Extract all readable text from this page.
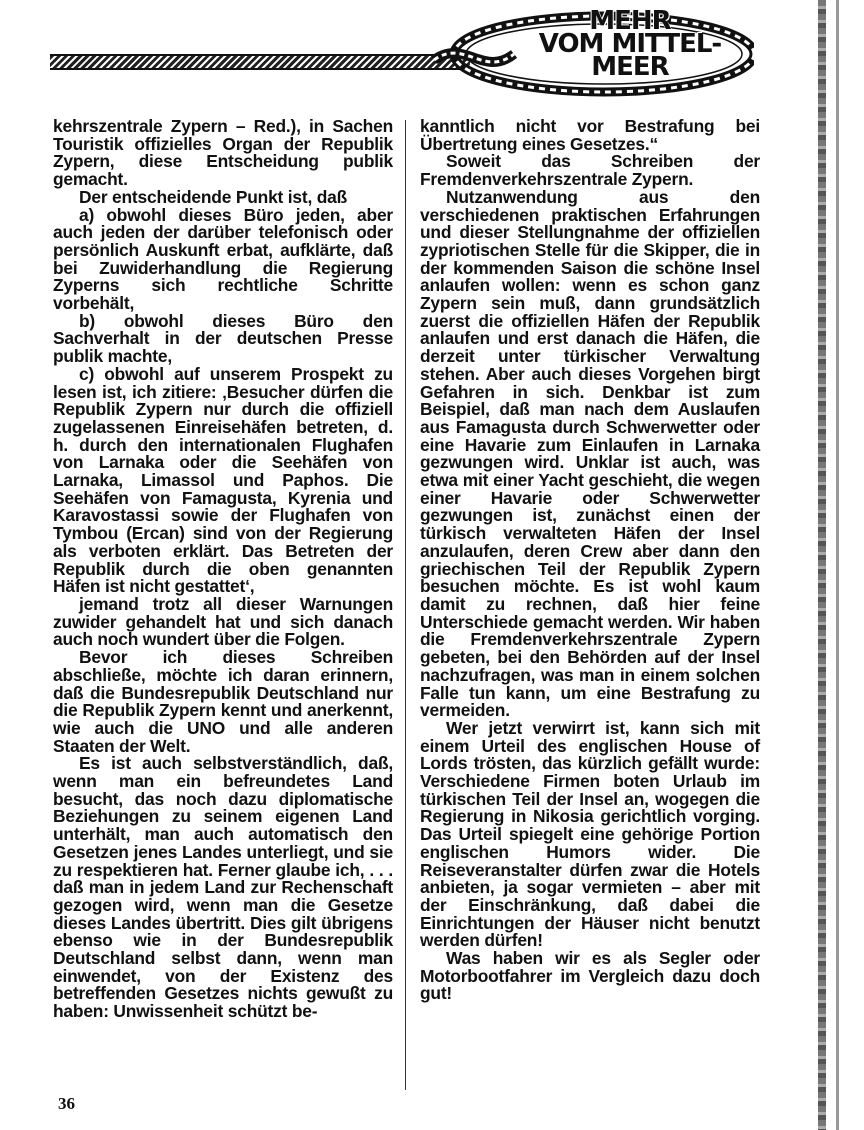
MEHR
VOM MITTEL-
MEER

kehrszentrale Zypern – Red.), in Sachen Touristik offizielles Organ der Republik Zypern, diese Entscheidung publik gemacht.

Der entscheidende Punkt ist, daß

a) obwohl dieses Büro jeden, aber auch jeden der darüber telefonisch oder persönlich Auskunft erbat, aufklärte, daß bei Zuwiderhandlung die Regierung Zyperns sich rechtliche Schritte vorbehält,

b) obwohl dieses Büro den Sachverhalt in der deutschen Presse publik machte,

c) obwohl auf unserem Prospekt zu lesen ist, ich zitiere: ‚Besucher dürfen die Republik Zypern nur durch die offiziell zugelassenen Einreisehäfen betreten, d. h. durch den internationalen Flughafen von Larnaka oder die Seehäfen von Larnaka, Limassol und Paphos. Die Seehäfen von Famagusta, Kyrenia und Karavostassi sowie der Flughafen von Tymbou (Ercan) sind von der Regierung als verboten erklärt. Das Betreten der Republik durch die oben genannten Häfen ist nicht gestattet‘,

jemand trotz all dieser Warnungen zuwider gehandelt hat und sich danach auch noch wundert über die Folgen.

Bevor ich dieses Schreiben abschließe, möchte ich daran erinnern, daß die Bundesrepublik Deutschland nur die Republik Zypern kennt und anerkennt, wie auch die UNO und alle anderen Staaten der Welt.

Es ist auch selbstverständlich, daß, wenn man ein befreundetes Land besucht, das noch dazu diplomatische Beziehungen zu seinem eigenen Land unterhält, man auch automatisch den Gesetzen jenes Landes unterliegt, und sie zu respektieren hat. Ferner glaube ich, . . . daß man in jedem Land zur Rechenschaft gezogen wird, wenn man die Gesetze dieses Landes übertritt. Dies gilt übrigens ebenso wie in der Bundesrepublik Deutschland selbst dann, wenn man einwendet, von der Existenz des betreffenden Gesetzes nichts gewußt zu haben: Unwissenheit schützt be-

kanntlich nicht vor Bestrafung bei Übertretung eines Gesetzes.“

Soweit das Schreiben der Fremdenverkehrszentrale Zypern.

Nutzanwendung aus den verschiedenen praktischen Erfahrungen und dieser Stellungnahme der offiziellen zypriotischen Stelle für die Skipper, die in der kommenden Saison die schöne Insel anlaufen wollen: wenn es schon ganz Zypern sein muß, dann grundsätzlich zuerst die offiziellen Häfen der Republik anlaufen und erst danach die Häfen, die derzeit unter türkischer Verwaltung stehen. Aber auch dieses Vorgehen birgt Gefahren in sich. Denkbar ist zum Beispiel, daß man nach dem Auslaufen aus Famagusta durch Schwerwetter oder eine Havarie zum Einlaufen in Larnaka gezwungen wird. Unklar ist auch, was etwa mit einer Yacht geschieht, die wegen einer Havarie oder Schwerwetter gezwungen ist, zunächst einen der türkisch verwalteten Häfen der Insel anzulaufen, deren Crew aber dann den griechischen Teil der Republik Zypern besuchen möchte. Es ist wohl kaum damit zu rechnen, daß hier feine Unterschiede gemacht werden. Wir haben die Fremdenverkehrszentrale Zypern gebeten, bei den Behörden auf der Insel nachzufragen, was man in einem solchen Falle tun kann, um eine Bestrafung zu vermeiden.

Wer jetzt verwirrt ist, kann sich mit einem Urteil des englischen House of Lords trösten, das kürzlich gefällt wurde: Verschiedene Firmen boten Urlaub im türkischen Teil der Insel an, wogegen die Regierung in Nikosia gerichtlich vorging. Das Urteil spiegelt eine gehörige Portion englischen Humors wider. Die Reiseveranstalter dürfen zwar die Hotels anbieten, ja sogar vermieten – aber mit der Einschränkung, daß dabei die Einrichtungen der Häuser nicht benutzt werden dürfen!

Was haben wir es als Segler oder Motorbootfahrer im Vergleich dazu doch gut!

36
